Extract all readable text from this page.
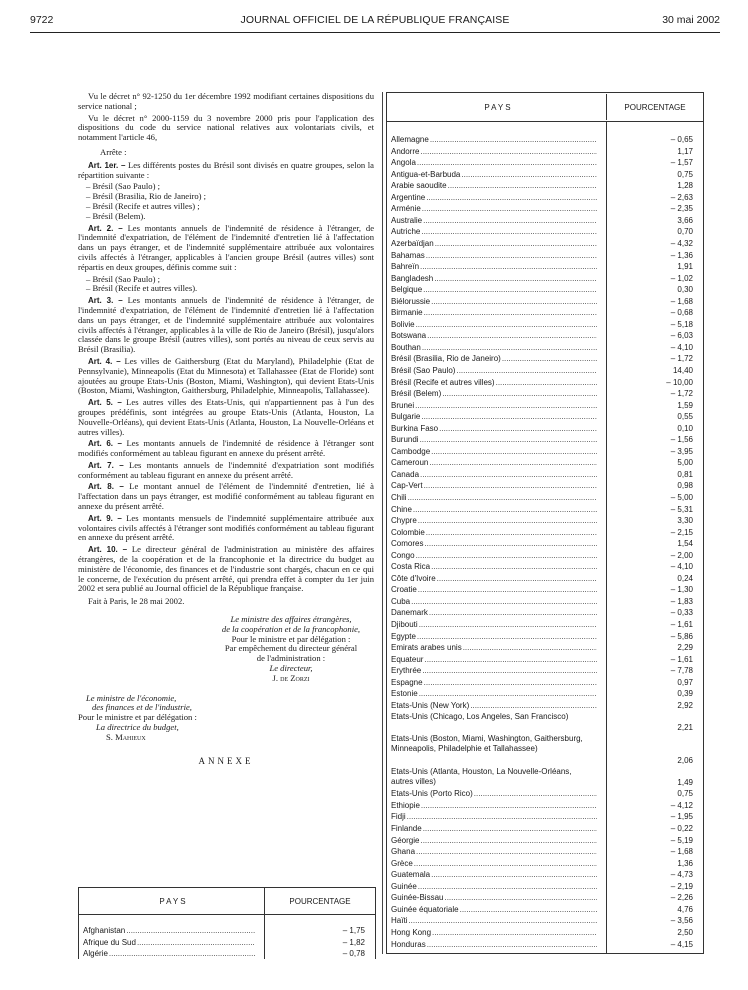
9722	JOURNAL OFFICIEL DE LA RÉPUBLIQUE FRANÇAISE	30 mai 2002

Vu le décret n° 92-1250 du 1er décembre 1992 modifiant certaines dispositions du service national ;

Vu le décret n° 2000-1159 du 3 novembre 2000 pris pour l'application des dispositions du code du service national relatives aux volontariats civils, et notamment l'article 46,

Arrête :

Art. 1er. – Les différents postes du Brésil sont divisés en quatre groupes, selon la répartition suivante :

– Brésil (Sao Paulo) ;

– Brésil (Brasilia, Rio de Janeiro) ;

– Brésil (Recife et autres villes) ;

– Brésil (Belem).

Art. 2. – Les montants annuels de l'indemnité de résidence à l'étranger, de l'indemnité d'expatriation, de l'élément de l'indemnité d'entretien lié à l'affectation dans un pays étranger, et de l'indemnité supplémentaire attribuée aux volontaires civils affectés à l'étranger, applicables à l'ancien groupe Brésil (autres villes) sont répartis en deux groupes, définis comme suit :

– Brésil (Sao Paulo) ;

– Brésil (Recife et autres villes).

Art. 3. – Les montants annuels de l'indemnité de résidence à l'étranger, de l'indemnité d'expatriation, de l'élément de l'indemnité d'entretien lié à l'affectation dans un pays étranger, et de l'indemnité supplémentaire attribuée aux volontaires civils affectés à l'étranger, applicables à la ville de Rio de Janeiro (Brésil), jusqu'alors classée dans le groupe Brésil (autres villes), sont portés au niveau de ceux servis au Brésil (Brasilia).

Art. 4. – Les villes de Gaithersburg (Etat du Maryland), Philadelphie (Etat de Pennsylvanie), Minneapolis (Etat du Minnesota) et Tallahassee (Etat de Floride) sont ajoutées au groupe Etats-Unis (Boston, Miami, Washington), qui devient Etats-Unis (Boston, Miami, Washington, Gaithersburg, Philadelphie, Minneapolis, Tallahassee).

Art. 5. – Les autres villes des Etats-Unis, qui n'appartiennent pas à l'un des groupes prédéfinis, sont intégrées au groupe Etats-Unis (Atlanta, Houston, La Nouvelle-Orléans), qui devient Etats-Unis (Atlanta, Houston, La Nouvelle-Orléans et autres villes).

Art. 6. – Les montants annuels de l'indemnité de résidence à l'étranger sont modifiés conformément au tableau figurant en annexe du présent arrêté.

Art. 7. – Les montants annuels de l'indemnité d'expatriation sont modifiés conformément au tableau figurant en annexe du présent arrêté.

Art. 8. – Le montant annuel de l'élément de l'indemnité d'entretien, lié à l'affectation dans un pays étranger, est modifié conformément au tableau figurant en annexe du présent arrêté.

Art. 9. – Les montants mensuels de l'indemnité supplémentaire attribuée aux volontaires civils affectés à l'étranger sont modifiés conformément au tableau figurant en annexe du présent arrêté.

Art. 10. – Le directeur général de l'administration au ministère des affaires étrangères, de la coopération et de la francophonie et la directrice du budget au ministère de l'économie, des finances et de l'industrie sont chargés, chacun en ce qui le concerne, de l'exécution du présent arrêté, qui prendra effet à compter du 1er juin 2002 et sera publié au Journal officiel de la République française.

Fait à Paris, le 28 mai 2002.

Le ministre des affaires étrangères,
de la coopération et de la francophonie,
Pour le ministre et par délégation :
Par empêchement du directeur général
de l'administration :
Le directeur,
J. de Zorzi
Le ministre de l'économie,
des finances et de l'industrie,
Pour le ministre et par délégation :
La directrice du budget,
S. Mahieux
ANNEXE
PAYS	POURCENTAGE
Afghanistan .....	– 1,75
Afrique du Sud .....	– 1,82
Algérie .....	– 0,78
PAYS	POURCENTAGE
Allemagne .....	– 0,65
Andorre .....	1,17
Angola .....	– 1,57
Antigua-et-Barbuda .....	0,75
Arabie saoudite .....	1,28
Argentine .....	– 2,63
Arménie .....	– 2,35
Australie .....	3,66
Autriche .....	0,70
Azerbaïdjan .....	– 4,32
Bahamas .....	– 1,36
Bahreïn .....	1,91
Bangladesh .....	– 1,02
Belgique .....	0,30
Biélorussie .....	– 1,68
Birmanie .....	– 0,68
Bolivie .....	– 5,18
Botswana .....	– 6,03
Bouthan .....	– 4,10
Brésil (Brasilia, Rio de Janeiro) .....	– 1,72
Brésil (Sao Paulo) .....	14,40
Brésil (Recife et autres villes) .....	– 10,00
Brésil (Belem) .....	– 1,72
Brunei .....	1,59
Bulgarie .....	0,55
Burkina Faso .....	0,10
Burundi .....	– 1,56
Cambodge .....	– 3,95
Cameroun .....	5,00
Canada .....	0,81
Cap-Vert .....	0,98
Chili .....	– 5,00
Chine .....	– 5,31
Chypre .....	3,30
Colombie .....	– 2,15
Comores .....	1,54
Congo .....	– 2,00
Costa Rica .....	– 4,10
Côte d'Ivoire .....	0,24
Croatie .....	– 1,30
Cuba .....	– 1,83
Danemark .....	– 0,33
Djibouti .....	– 1,61
Egypte .....	– 5,86
Emirats arabes unis .....	2,29
Equateur .....	– 1,61
Erythrée .....	– 7,78
Espagne .....	0,97
Estonie .....	0,39
Etats-Unis (New York) .....	2,92
Etats-Unis (Chicago, Los Angeles, San Francisco)
2,21
Etats-Unis (Boston, Miami, Washington, Gaithersburg, Minneapolis, Philadelphie et Tallahassee)
2,06
Etats-Unis (Atlanta, Houston, La Nouvelle-Orléans, autres villes)	1,49
Etats-Unis (Porto Rico) .....	0,75
Ethiopie .....	– 4,12
Fidji .....	– 1,95
Finlande .....	– 0,22
Géorgie .....	– 5,19
Ghana .....	– 1,68
Grèce .....	1,36
Guatemala .....	– 4,73
Guinée .....	– 2,19
Guinée-Bissau .....	– 2,26
Guinée équatoriale .....	4,76
Haïti .....	– 3,56
Hong Kong .....	2,50
Honduras .....	– 4,15
